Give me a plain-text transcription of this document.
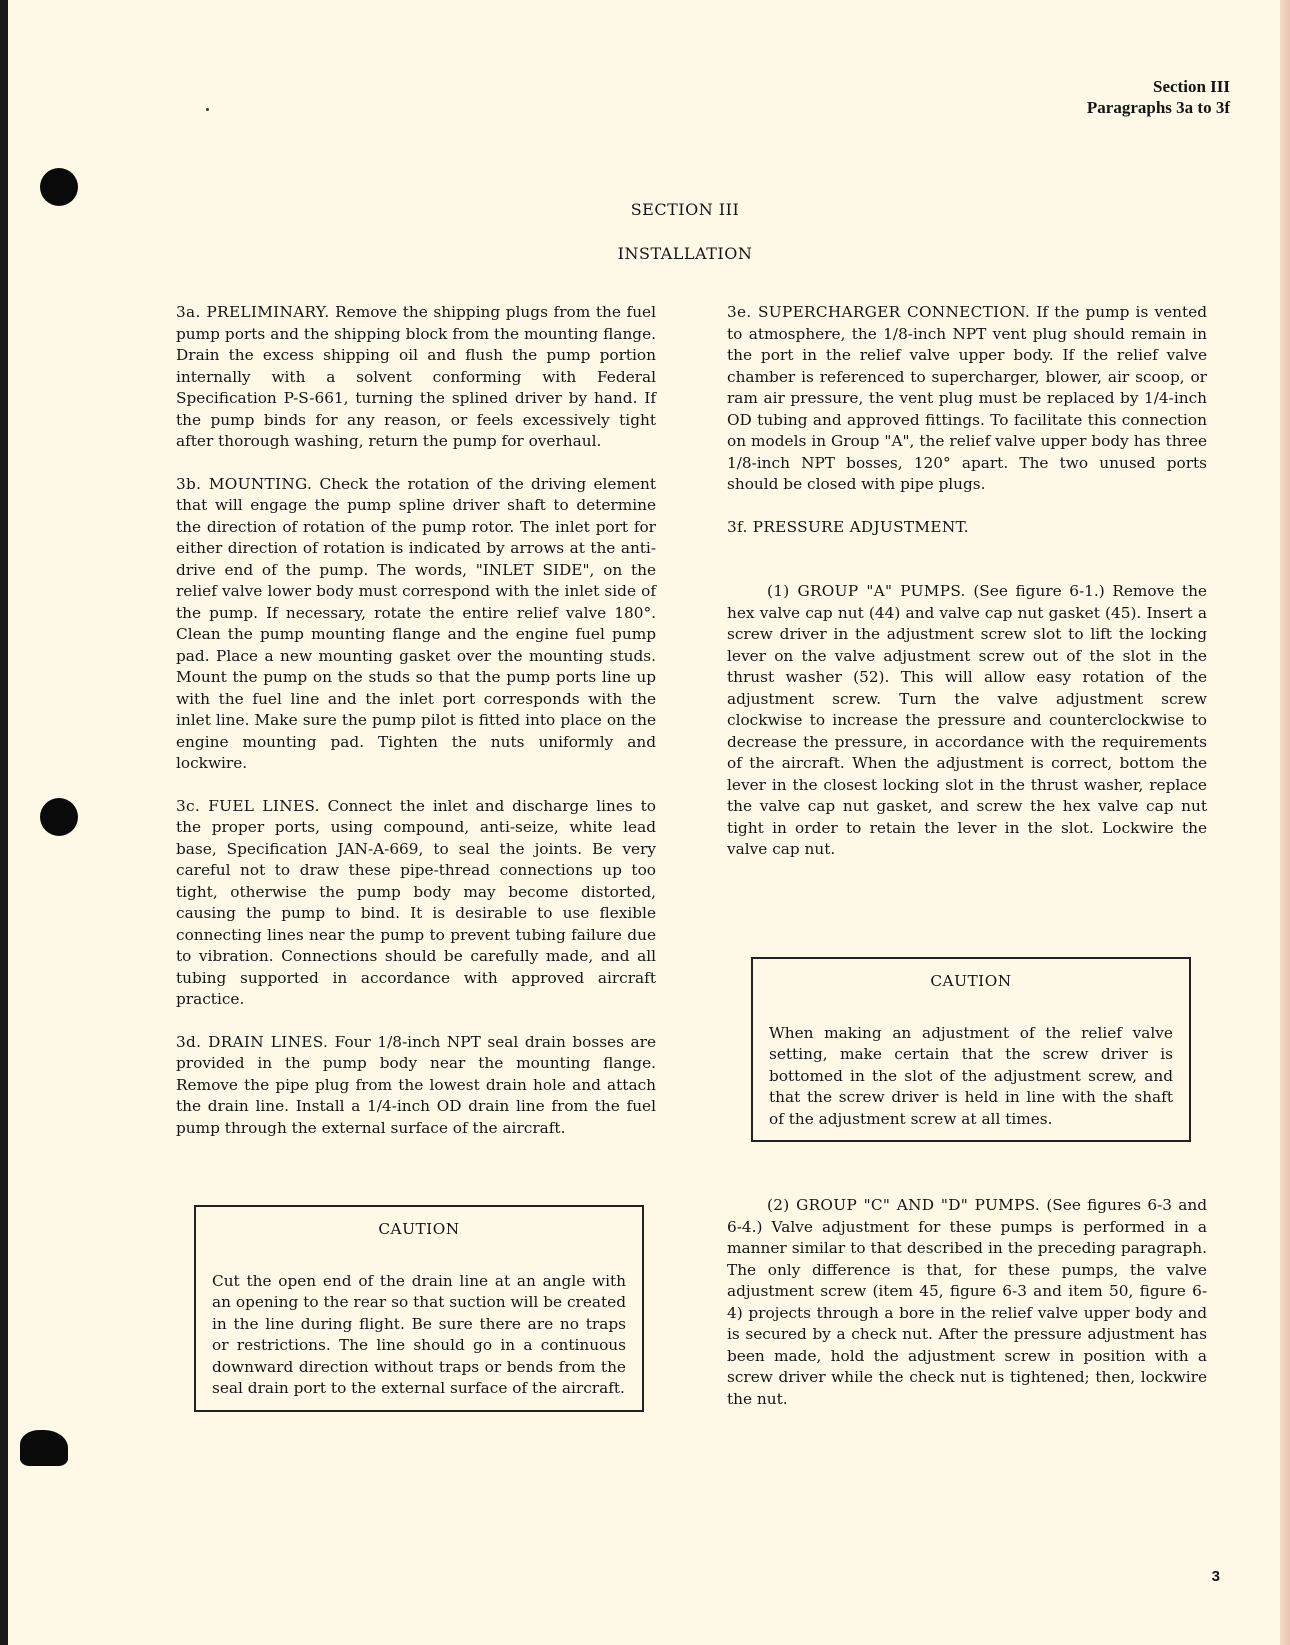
Section III
Paragraphs 3a to 3f
SECTION III
INSTALLATION

3a. PRELIMINARY. Remove the shipping plugs from the fuel pump ports and the shipping block from the mounting flange. Drain the excess shipping oil and flush the pump portion internally with a solvent conforming with Federal Specification P-S-661, turning the splined driver by hand. If the pump binds for any reason, or feels excessively tight after thorough washing, return the pump for overhaul.

3b. MOUNTING. Check the rotation of the driving element that will engage the pump spline driver shaft to determine the direction of rotation of the pump rotor. The inlet port for either direction of rotation is indicated by arrows at the anti-drive end of the pump. The words, "INLET SIDE", on the relief valve lower body must correspond with the inlet side of the pump. If necessary, rotate the entire relief valve 180°. Clean the pump mounting flange and the engine fuel pump pad. Place a new mounting gasket over the mounting studs. Mount the pump on the studs so that the pump ports line up with the fuel line and the inlet port corresponds with the inlet line. Make sure the pump pilot is fitted into place on the engine mounting pad. Tighten the nuts uniformly and lockwire.

3c. FUEL LINES. Connect the inlet and discharge lines to the proper ports, using compound, anti-seize, white lead base, Specification JAN-A-669, to seal the joints. Be very careful not to draw these pipe-thread connections up too tight, otherwise the pump body may become distorted, causing the pump to bind. It is desirable to use flexible connecting lines near the pump to prevent tubing failure due to vibration. Connections should be carefully made, and all tubing supported in accordance with approved aircraft practice.

3d. DRAIN LINES. Four 1/8-inch NPT seal drain bosses are provided in the pump body near the mounting flange. Remove the pipe plug from the lowest drain hole and attach the drain line. Install a 1/4-inch OD drain line from the fuel pump through the external surface of the aircraft.

CAUTION

Cut the open end of the drain line at an angle with an opening to the rear so that suction will be created in the line during flight. Be sure there are no traps or restrictions. The line should go in a continuous downward direction without traps or bends from the seal drain port to the external surface of the aircraft.

3e. SUPERCHARGER CONNECTION. If the pump is vented to atmosphere, the 1/8-inch NPT vent plug should remain in the port in the relief valve upper body. If the relief valve chamber is referenced to supercharger, blower, air scoop, or ram air pressure, the vent plug must be replaced by 1/4-inch OD tubing and approved fittings. To facilitate this connection on models in Group "A", the relief valve upper body has three 1/8-inch NPT bosses, 120° apart. The two unused ports should be closed with pipe plugs.

3f. PRESSURE ADJUSTMENT.

(1) GROUP "A" PUMPS. (See figure 6-1.) Remove the hex valve cap nut (44) and valve cap nut gasket (45). Insert a screw driver in the adjustment screw slot to lift the locking lever on the valve adjustment screw out of the slot in the thrust washer (52). This will allow easy rotation of the adjustment screw. Turn the valve adjustment screw clockwise to increase the pressure and counterclockwise to decrease the pressure, in accordance with the requirements of the aircraft. When the adjustment is correct, bottom the lever in the closest locking slot in the thrust washer, replace the valve cap nut gasket, and screw the hex valve cap nut tight in order to retain the lever in the slot. Lockwire the valve cap nut.

CAUTION

When making an adjustment of the relief valve setting, make certain that the screw driver is bottomed in the slot of the adjustment screw, and that the screw driver is held in line with the shaft of the adjustment screw at all times.

(2) GROUP "C" AND "D" PUMPS. (See figures 6-3 and 6-4.) Valve adjustment for these pumps is performed in a manner similar to that described in the preceding paragraph. The only difference is that, for these pumps, the valve adjustment screw (item 45, figure 6-3 and item 50, figure 6-4) projects through a bore in the relief valve upper body and is secured by a check nut. After the pressure adjustment has been made, hold the adjustment screw in position with a screw driver while the check nut is tightened; then, lockwire the nut.

3
